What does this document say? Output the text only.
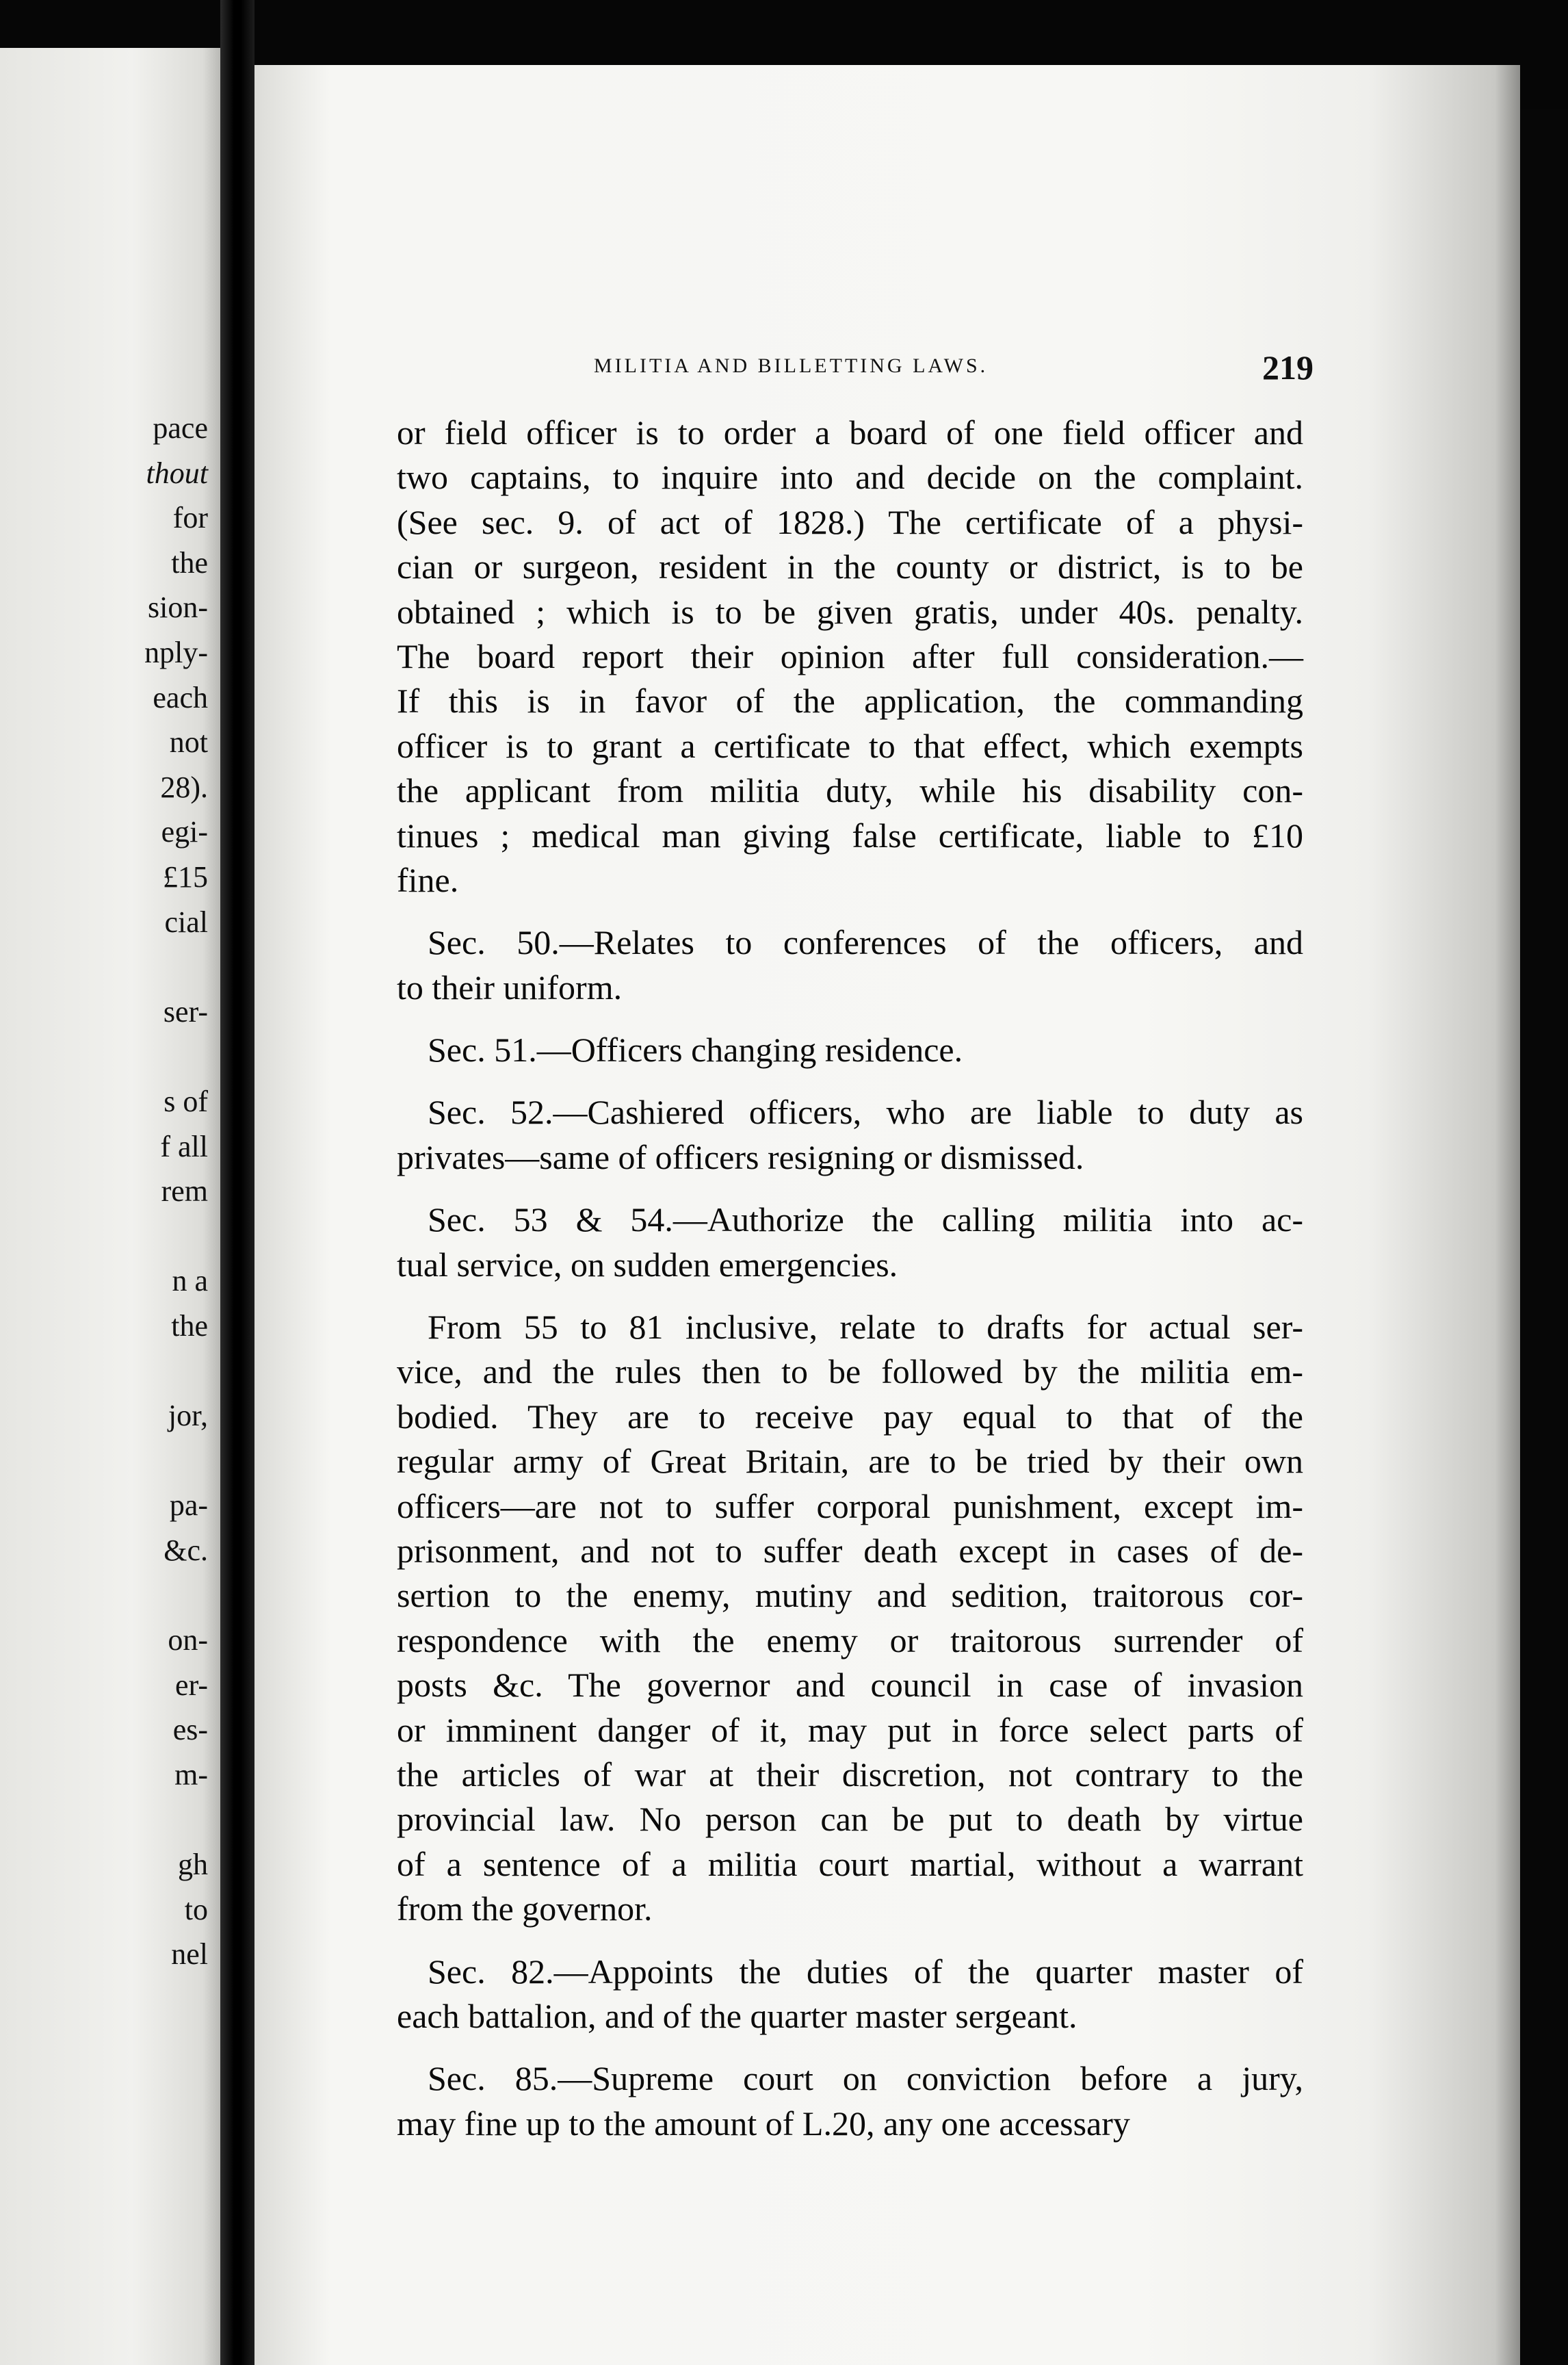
pace
thout
for
the
sion-
nply-
each
not
28).
egi-
£15
cial
ser-
s of
f all
rem
n a
the
jor,
pa-
&c.
on-
er-
es-
m-
gh
to
nel
MILITIA AND BILLETTING LAWS.	219
or field officer is to order a board of one field officer and
two captains, to inquire into and decide on the complaint.
(See sec. 9. of act of 1828.) The certificate of a physi-
cian or surgeon, resident in the county or district, is to be
obtained ; which is to be given gratis, under 40s. penalty.
The board report their opinion after full consideration.—
If this is in favor of the application, the commanding
officer is to grant a certificate to that effect, which exempts
the applicant from militia duty, while his disability con-
tinues ; medical man giving false certificate, liable to £10
fine.
Sec. 50.—Relates to conferences of the officers, and
to their uniform.
Sec. 51.—Officers changing residence.
Sec. 52.—Cashiered officers, who are liable to duty as
privates—same of officers resigning or dismissed.
Sec. 53 & 54.—Authorize the calling militia into ac-
tual service, on sudden emergencies.
From 55 to 81 inclusive, relate to drafts for actual ser-
vice, and the rules then to be followed by the militia em-
bodied. They are to receive pay equal to that of the
regular army of Great Britain, are to be tried by their own
officers—are not to suffer corporal punishment, except im-
prisonment, and not to suffer death except in cases of de-
sertion to the enemy, mutiny and sedition, traitorous cor-
respondence with the enemy or traitorous surrender of
posts &c. The governor and council in case of invasion
or imminent danger of it, may put in force select parts of
the articles of war at their discretion, not contrary to the
provincial law. No person can be put to death by virtue
of a sentence of a militia court martial, without a warrant
from the governor.
Sec. 82.—Appoints the duties of the quarter master of
each battalion, and of the quarter master sergeant.
Sec. 85.—Supreme court on conviction before a jury,
may fine up to the amount of L.20, any one accessary
